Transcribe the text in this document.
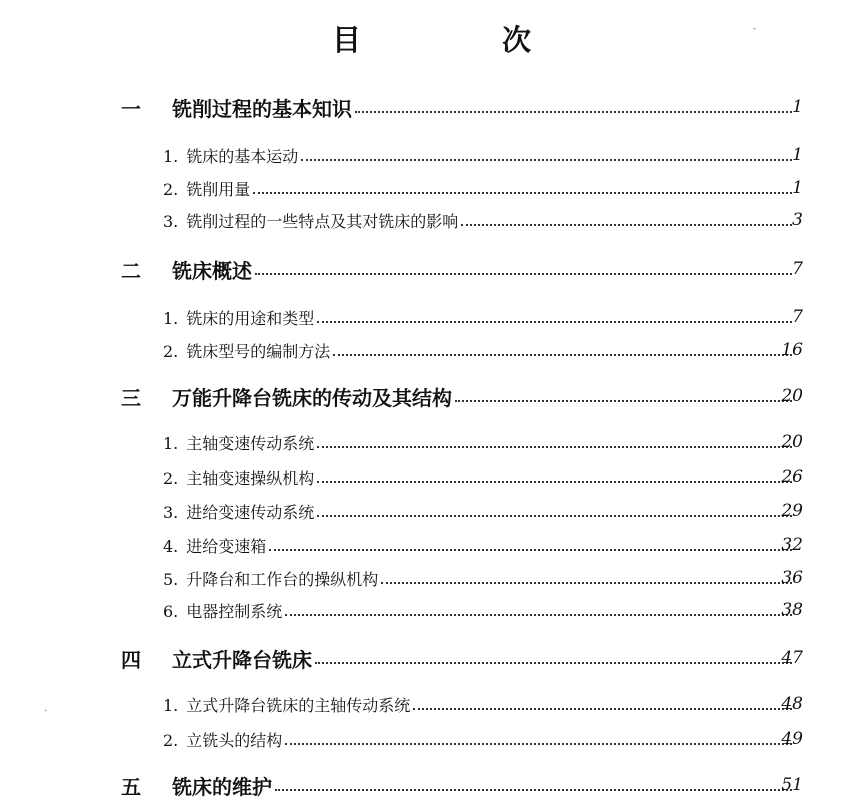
目　次	ˉ
·
一 铣削过程的基本知识	1
1. 铣床的基本运动	1
2. 铣削用量	1
3. 铣削过程的一些特点及其对铣床的影响	3
二 铣床概述	7
1. 铣床的用途和类型	7
2. 铣床型号的编制方法	16
三 万能升降台铣床的传动及其结构	20
1. 主轴变速传动系统	20
2. 主轴变速操纵机构	26
3. 进给变速传动系统	29
4. 进给变速箱	32
5. 升降台和工作台的操纵机构	36
6. 电器控制系统	38
四 立式升降台铣床	47
1. 立式升降台铣床的主轴传动系统	48
2. 立铣头的结构	49
五 铣床的维护	51
